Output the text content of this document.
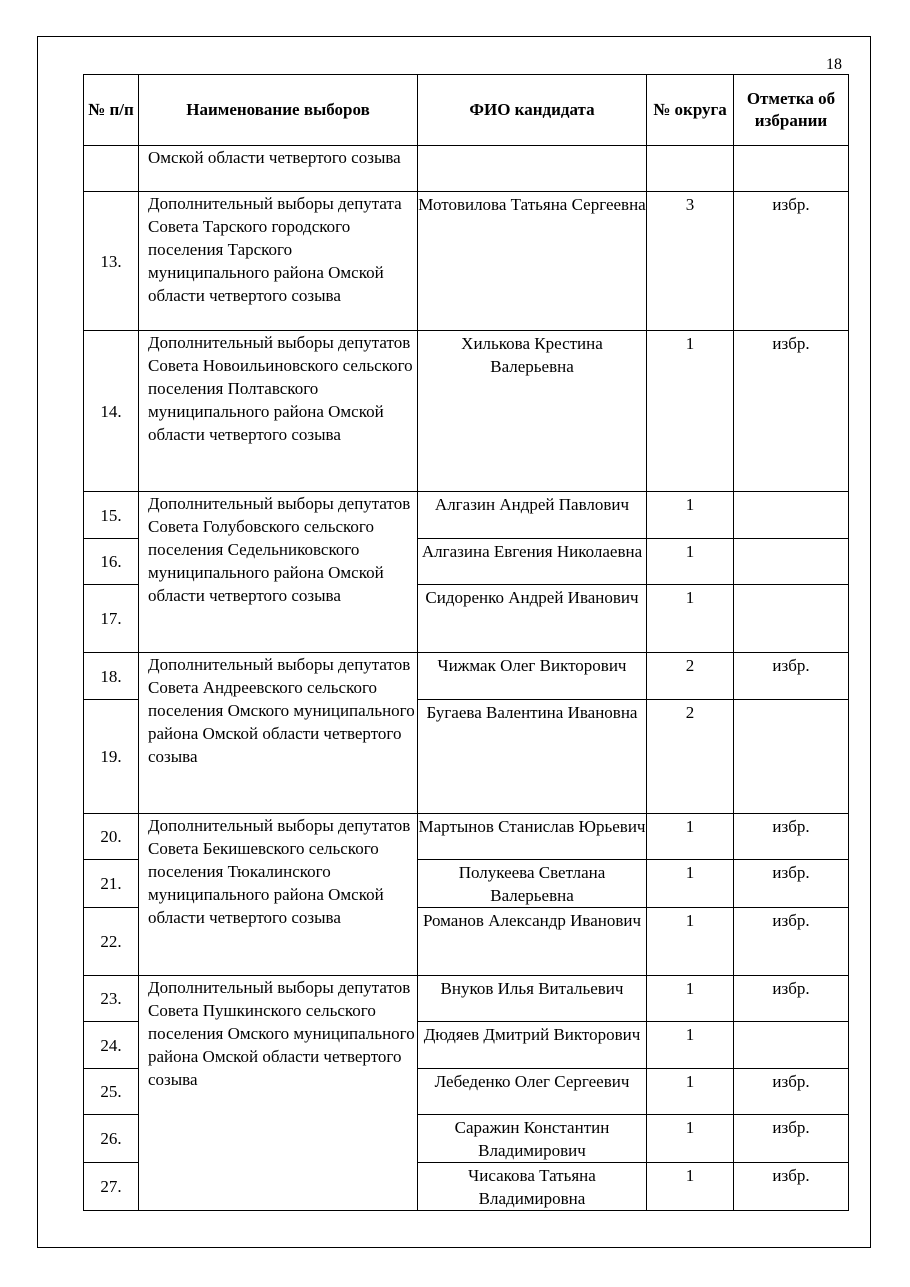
18
№ п/п	Наименование выборов	ФИО кандидата	№ округа	Отметка об избрании
	Омской области четвертого созыва			
13.	Дополнительный выборы депутата Совета Тарского городского поселения Тарского муниципального района Омской области четвертого созыва	Мотовилова Татьяна Сергеевна	3	избр.
14.	Дополнительный выборы депутатов Совета Новоильиновского сельского поселения Полтавского муниципального района Омской области четвертого созыва	Хилькова Крестина Валерьевна	1	избр.
15.	Дополнительный выборы депутатов Совета Голубовского сельского поселения Седельниковского муниципального района Омской области четвертого созыва	Алгазин Андрей Павлович	1	
16.		Алгазина Евгения Николаевна	1	
17.		Сидоренко Андрей Иванович	1	
18.	Дополнительный выборы депутатов Совета Андреевского сельского поселения Омского муниципального района Омской области четвертого созыва	Чижмак Олег Викторович	2	избр.
19.		Бугаева Валентина Ивановна	2	
20.	Дополнительный выборы депутатов Совета Бекишевского сельского поселения Тюкалинского муниципального района Омской области четвертого созыва	Мартынов Станислав Юрьевич	1	избр.
21.		Полукеева Светлана Валерьевна	1	избр.
22.		Романов Александр Иванович	1	избр.
23.	Дополнительный выборы депутатов Совета Пушкинского сельского поселения Омского муниципального района Омской области четвертого созыва	Внуков Илья Витальевич	1	избр.
24.		Дюдяев Дмитрий Викторович	1	
25.		Лебеденко Олег Сергеевич	1	избр.
26.		Саражин Константин Владимирович	1	избр.
27.		Чисакова Татьяна Владимировна	1	избр.
